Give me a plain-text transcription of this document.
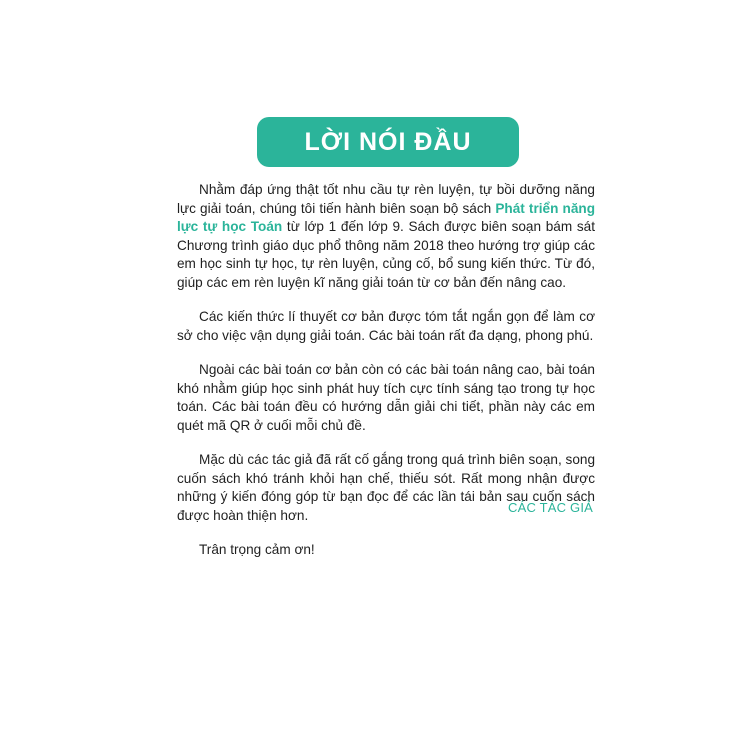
LỜI NÓI ĐẦU

Nhằm đáp ứng thật tốt nhu cầu tự rèn luyện, tự bồi dưỡng năng lực giải toán, chúng tôi tiến hành biên soạn bộ sách Phát triển năng lực tự học Toán từ lớp 1 đến lớp 9. Sách được biên soạn bám sát Chương trình giáo dục phổ thông năm 2018 theo hướng trợ giúp các em học sinh tự học, tự rèn luyện, củng cố, bổ sung kiến thức. Từ đó, giúp các em rèn luyện kĩ năng giải toán từ cơ bản đến nâng cao.

Các kiến thức lí thuyết cơ bản được tóm tắt ngắn gọn để làm cơ sở cho việc vận dụng giải toán. Các bài toán rất đa dạng, phong phú.

Ngoài các bài toán cơ bản còn có các bài toán nâng cao, bài toán khó nhằm giúp học sinh phát huy tích cực tính sáng tạo trong tự học toán. Các bài toán đều có hướng dẫn giải chi tiết, phần này các em quét mã QR ở cuối mỗi chủ đề.

Mặc dù các tác giả đã rất cố gắng trong quá trình biên soạn, song cuốn sách khó tránh khỏi hạn chế, thiếu sót. Rất mong nhận được những ý kiến đóng góp từ bạn đọc để các lần tái bản sau cuốn sách được hoàn thiện hơn.

Trân trọng cảm ơn!

CÁC TÁC GIẢ
